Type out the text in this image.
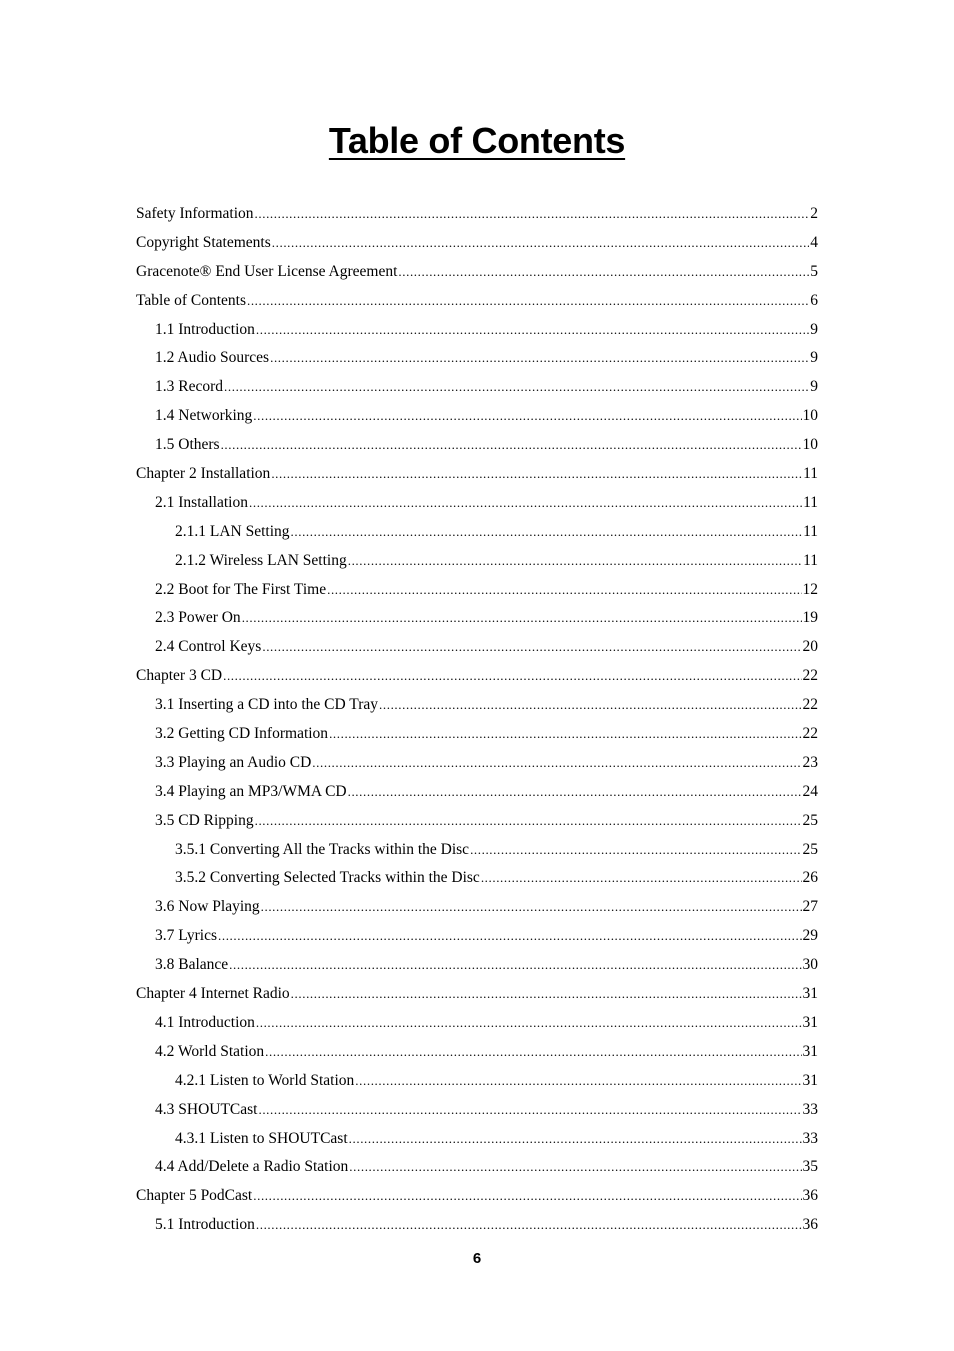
Table of Contents
Safety Information .....	2
Copyright Statements .....	4
Gracenote® End User License Agreement .....	5
Table of Contents .....	6
1.1 Introduction .....	9
1.2 Audio Sources .....	9
1.3 Record .....	9
1.4 Networking .....	10
1.5 Others .....	10
Chapter 2 Installation .....	11
2.1 Installation .....	11
2.1.1 LAN Setting .....	11
2.1.2 Wireless LAN Setting .....	11
2.2 Boot for The First Time .....	12
2.3 Power On .....	19
2.4 Control Keys .....	20
Chapter 3 CD .....	22
3.1 Inserting a CD into the CD Tray .....	22
3.2 Getting CD Information .....	22
3.3 Playing an Audio CD .....	23
3.4 Playing an MP3/WMA CD .....	24
3.5 CD Ripping .....	25
3.5.1 Converting All the Tracks within the Disc .....	25
3.5.2 Converting Selected Tracks within the Disc .....	26
3.6 Now Playing .....	27
3.7 Lyrics .....	29
3.8 Balance .....	30
Chapter 4 Internet Radio .....	31
4.1 Introduction .....	31
4.2 World Station .....	31
4.2.1 Listen to World Station .....	31
4.3 SHOUTCast .....	33
4.3.1 Listen to SHOUTCast .....	33
4.4 Add/Delete a Radio Station .....	35
Chapter 5 PodCast .....	36
5.1 Introduction .....	36
6
